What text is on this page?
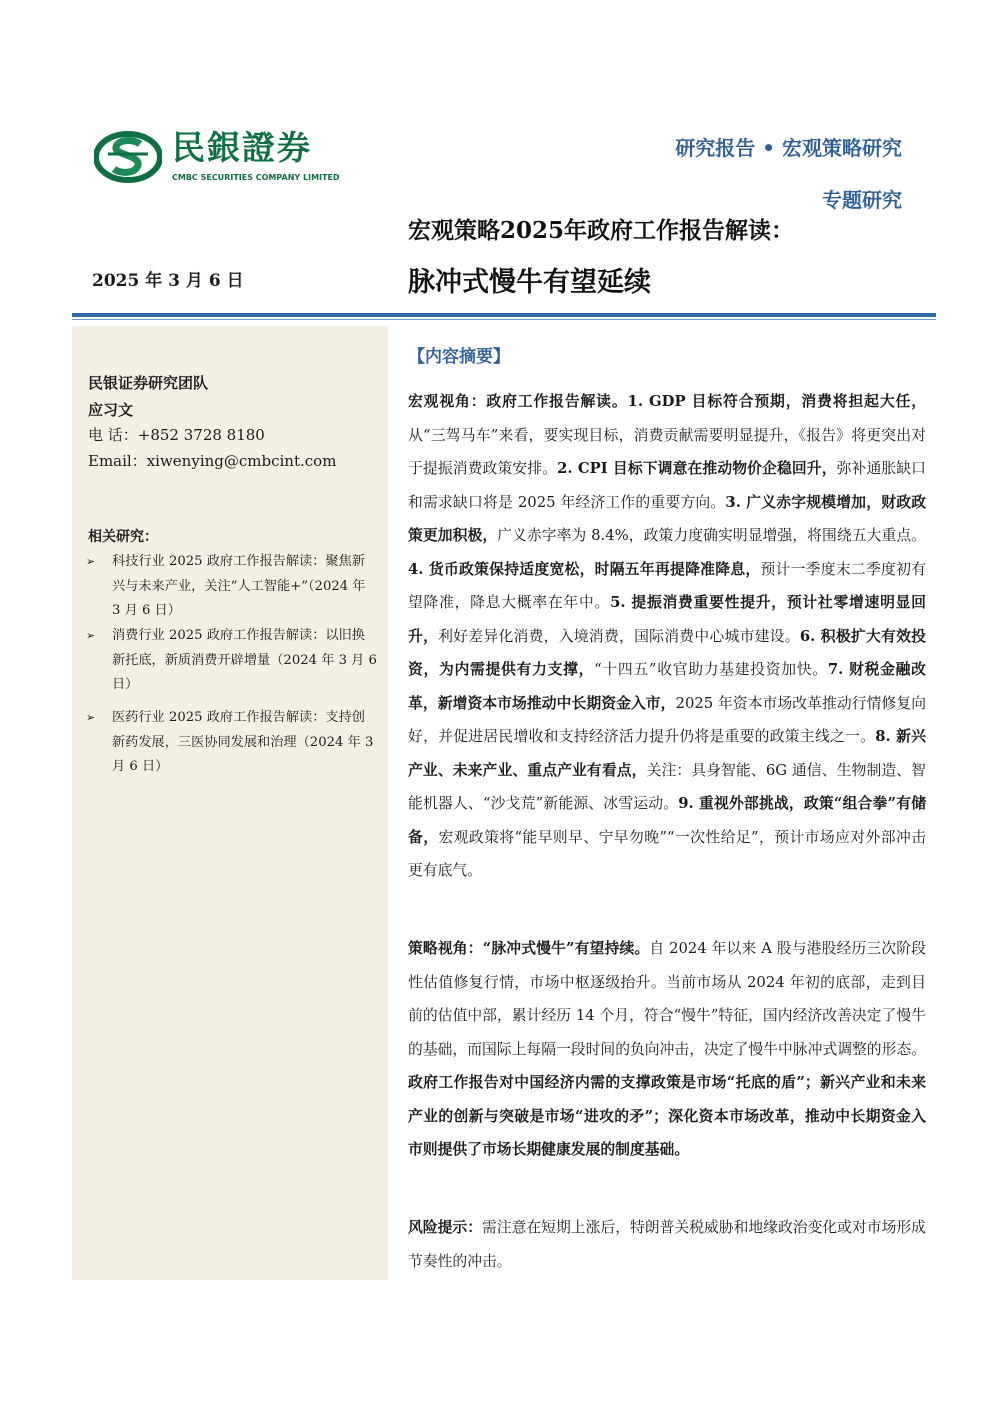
民銀證券
CMBC SECURITIES COMPANY LIMITED
研究报告 • 宏观策略研究
专题研究
宏观策略2025年政府工作报告解读：
脉冲式慢牛有望延续
2025 年 3 月 6 日
民银证券研究团队
应习文
电 话：+852 3728 8180
Email：xiwenying@cmbcint.com
相关研究：
➢ 科技行业 2025 政府工作报告解读：聚焦新兴与未来产业，关注“人工智能+”（2024 年 3 月 6 日）
➢ 消费行业 2025 政府工作报告解读：以旧换新托底，新质消费开辟增量（2024 年 3 月 6 日）
➢ 医药行业 2025 政府工作报告解读：支持创新药发展，三医协同发展和治理（2024 年 3 月 6 日）
【内容摘要】
宏观视角：政府工作报告解读。1. GDP 目标符合预期，消费将担起大任，从“三驾马车”来看，要实现目标，消费贡献需要明显提升，《报告》将更突出对于提振消费政策安排。2. CPI 目标下调意在推动物价企稳回升，弥补通胀缺口和需求缺口将是 2025 年经济工作的重要方向。3. 广义赤字规模增加，财政政策更加积极，广义赤字率为 8.4%，政策力度确实明显增强，将围绕五大重点。4. 货币政策保持适度宽松，时隔五年再提降准降息，预计一季度末二季度初有望降准，降息大概率在年中。5. 提振消费重要性提升，预计社零增速明显回升，利好差异化消费，入境消费，国际消费中心城市建设。6. 积极扩大有效投资，为内需提供有力支撑，“十四五”收官助力基建投资加快。7. 财税金融改革，新增资本市场推动中长期资金入市，2025 年资本市场改革推动行情修复向好，并促进居民增收和支持经济活力提升仍将是重要的政策主线之一。8. 新兴产业、未来产业、重点产业有看点，关注：具身智能、6G 通信、生物制造、智能机器人、“沙戈荒”新能源、冰雪运动。9. 重视外部挑战，政策“组合拳”有储备，宏观政策将“能早则早、宁早勿晚”“一次性给足”，预计市场应对外部冲击更有底气。
策略视角：“脉冲式慢牛”有望持续。自 2024 年以来 A 股与港股经历三次阶段性估值修复行情，市场中枢逐级抬升。当前市场从 2024 年初的底部，走到目前的估值中部，累计经历 14 个月，符合“慢牛”特征，国内经济改善决定了慢牛的基础，而国际上每隔一段时间的负向冲击，决定了慢牛中脉冲式调整的形态。政府工作报告对中国经济内需的支撑政策是市场“托底的盾”；新兴产业和未来产业的创新与突破是市场“进攻的矛”；深化资本市场改革，推动中长期资金入市则提供了市场长期健康发展的制度基础。
风险提示：需注意在短期上涨后，特朗普关税威胁和地缘政治变化或对市场形成节奏性的冲击。
